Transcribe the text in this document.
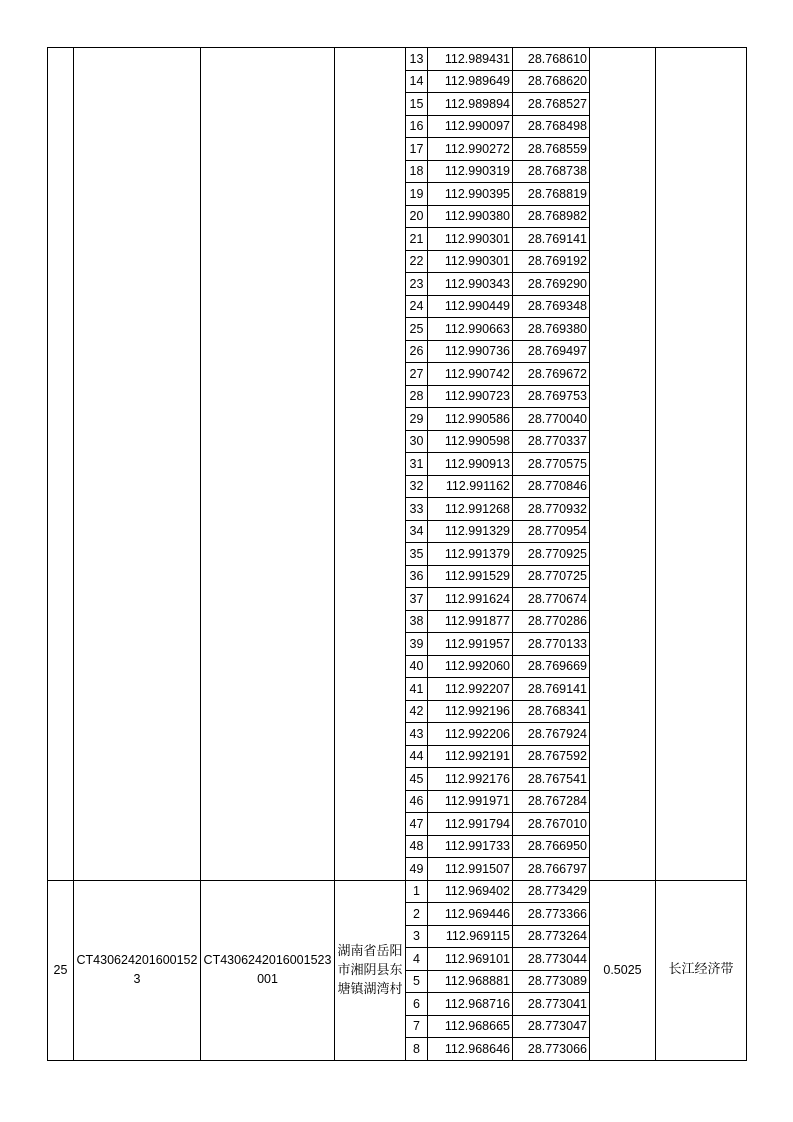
				13	112.989431	28.768610		
				14	112.989649	28.768620		
				15	112.989894	28.768527		
				16	112.990097	28.768498		
				17	112.990272	28.768559		
				18	112.990319	28.768738		
				19	112.990395	28.768819		
				20	112.990380	28.768982		
				21	112.990301	28.769141		
				22	112.990301	28.769192		
				23	112.990343	28.769290		
				24	112.990449	28.769348		
				25	112.990663	28.769380		
				26	112.990736	28.769497		
				27	112.990742	28.769672		
				28	112.990723	28.769753		
				29	112.990586	28.770040		
				30	112.990598	28.770337		
				31	112.990913	28.770575		
				32	112.991162	28.770846		
				33	112.991268	28.770932		
				34	112.991329	28.770954		
				35	112.991379	28.770925		
				36	112.991529	28.770725		
				37	112.991624	28.770674		
				38	112.991877	28.770286		
				39	112.991957	28.770133		
				40	112.992060	28.769669		
				41	112.992207	28.769141		
				42	112.992196	28.768341		
				43	112.992206	28.767924		
				44	112.992191	28.767592		
				45	112.992176	28.767541		
				46	112.991971	28.767284		
				47	112.991794	28.767010		
				48	112.991733	28.766950		
				49	112.991507	28.766797		
25	CT4306242016001523	CT4306242016001523001	湖南省岳阳市湘阴县东塘镇湖湾村	1	112.969402	28.773429	0.5025	长江经济带
				2	112.969446	28.773366		
				3	112.969115	28.773264		
				4	112.969101	28.773044		
				5	112.968881	28.773089		
				6	112.968716	28.773041		
				7	112.968665	28.773047		
				8	112.968646	28.773066		
